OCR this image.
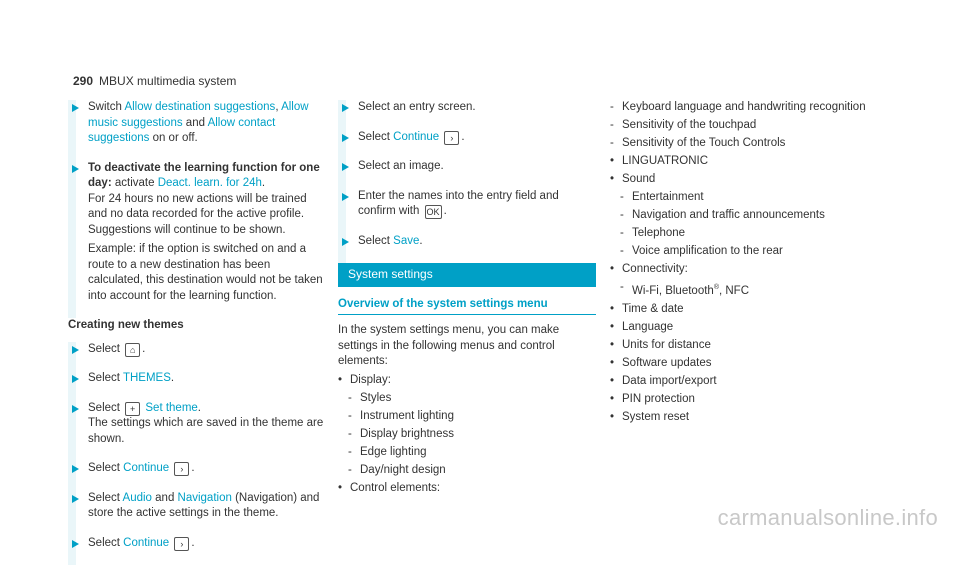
290 MBUX multimedia system

Switch Allow destination suggestions, Allow music suggestions and Allow contact suggestions on or off.

To deactivate the learning function for one day: activate Deact. learn. for 24h.

For 24 hours no new actions will be trained and no data recorded for the active profile. Suggestions will continue to be shown.

Example: if the option is switched on and a route to a new destination has been calculated, this destination would not be taken into account for the learning function.

Creating new themes
Select ⌂ .
Select THEMES.
Select + Set theme.

The settings which are saved in the theme are shown.

Select Continue › .
Select Audio and Navigation (Navigation) and store the active settings in the theme.
Select Continue › .
Select an entry screen.
Select Continue › .
Select an image.
Enter the names into the entry field and confirm with OK .
Select Save.
System settings
Overview of the system settings menu

In the system settings menu, you can make settings in the following menus and control elements:

• Display:
- Styles
- Instrument lighting
- Display brightness
- Edge lighting
- Day/night design
• Control elements:
- Keyboard language and handwriting recognition
- Sensitivity of the touchpad
- Sensitivity of the Touch Controls
• LINGUATRONIC
• Sound
- Entertainment
- Navigation and traffic announcements
- Telephone
- Voice amplification to the rear
• Connectivity:
- Wi-Fi, Bluetooth®, NFC
• Time & date
• Language
• Units for distance
• Software updates
• Data import/export
• PIN protection
• System reset
carmanualsonline.info
